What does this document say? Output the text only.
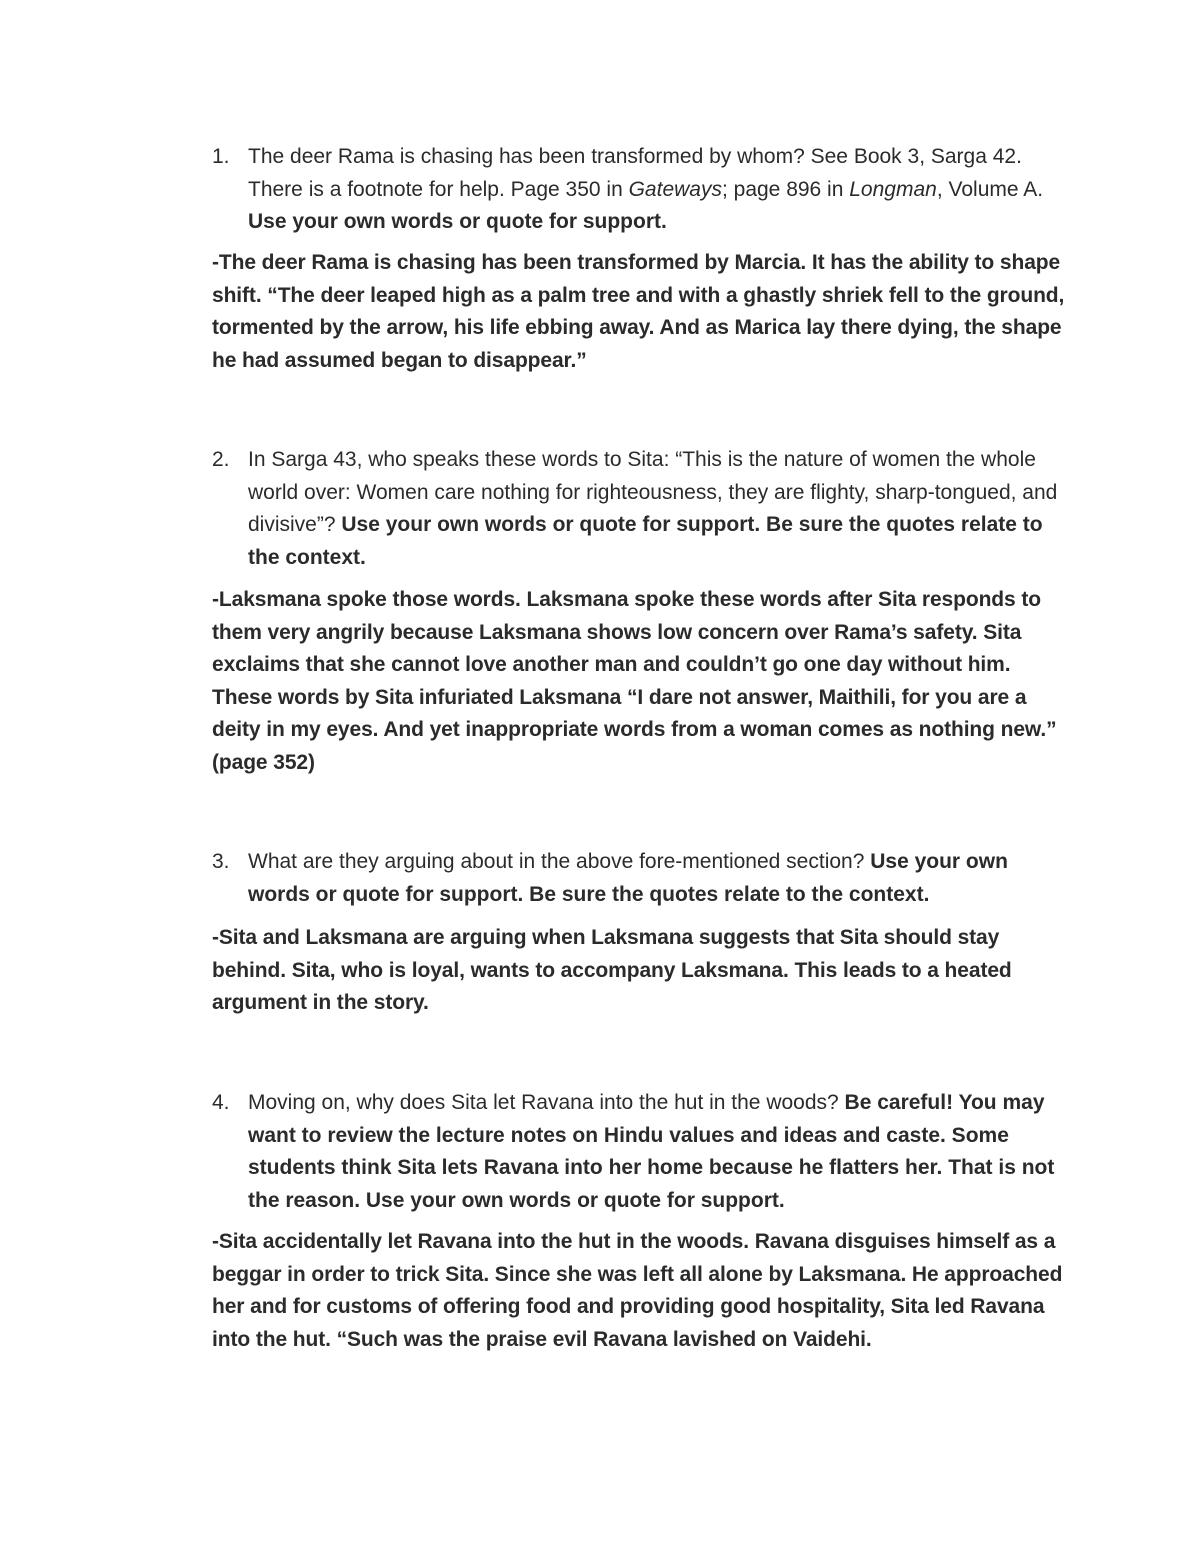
1. The deer Rama is chasing has been transformed by whom? See Book 3, Sarga 42. There is a footnote for help. Page 350 in Gateways; page 896 in Longman, Volume A. Use your own words or quote for support.
-The deer Rama is chasing has been transformed by Marcia. It has the ability to shape shift. “The deer leaped high as a palm tree and with a ghastly shriek fell to the ground, tormented by the arrow, his life ebbing away. And as Marica lay there dying, the shape he had assumed began to disappear.”
2. In Sarga 43, who speaks these words to Sita: “This is the nature of women the whole world over: Women care nothing for righteousness, they are flighty, sharp-tongued, and divisive”? Use your own words or quote for support. Be sure the quotes relate to the context.
-Laksmana spoke those words. Laksmana spoke these words after Sita responds to them very angrily because Laksmana shows low concern over Rama’s safety. Sita exclaims that she cannot love another man and couldn’t go one day without him. These words by Sita infuriated Laksmana “I dare not answer, Maithili, for you are a deity in my eyes. And yet inappropriate words from a woman comes as nothing new.” (page 352)
3. What are they arguing about in the above fore-mentioned section? Use your own words or quote for support. Be sure the quotes relate to the context.
-Sita and Laksmana are arguing when Laksmana suggests that Sita should stay behind. Sita, who is loyal, wants to accompany Laksmana. This leads to a heated argument in the story.
4. Moving on, why does Sita let Ravana into the hut in the woods? Be careful! You may want to review the lecture notes on Hindu values and ideas and caste. Some students think Sita lets Ravana into her home because he flatters her. That is not the reason. Use your own words or quote for support.
-Sita accidentally let Ravana into the hut in the woods. Ravana disguises himself as a beggar in order to trick Sita. Since she was left all alone by Laksmana. He approached her and for customs of offering food and providing good hospitality, Sita led Ravana into the hut. “Such was the praise evil Ravana lavished on Vaidehi.
